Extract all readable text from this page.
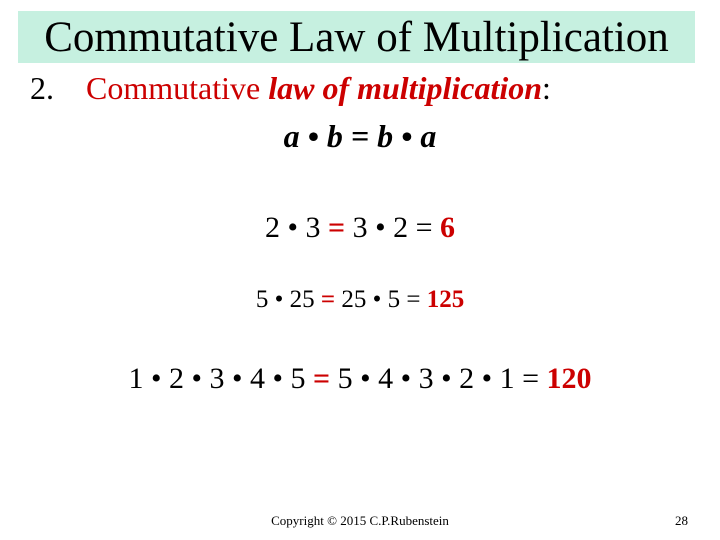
Commutative Law of Multiplication
2. Commutative law of multiplication:
a • b = b • a
2 • 3 = 3 • 2 = 6
5 • 25 = 25 • 5 = 125
1 • 2 • 3 • 4 • 5 = 5 • 4 • 3 • 2 • 1 = 120
Copyright © 2015 C.P.Rubenstein	28
